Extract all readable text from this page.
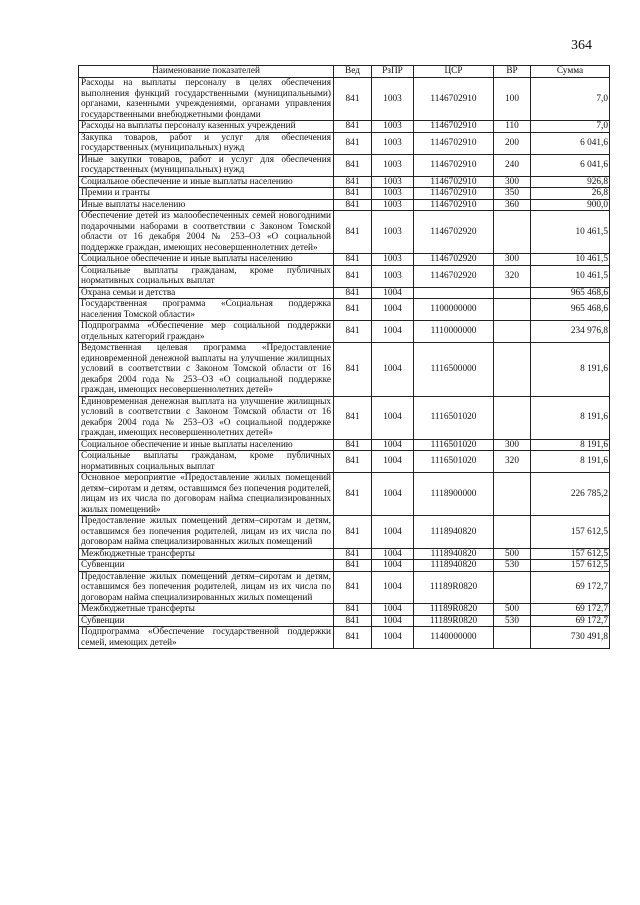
364
Наименование показателей	Вед	РзПР	ЦСР	ВР	Сумма
Расходы на выплаты персоналу в целях обеспечения выполнения функций государственными (муниципальными) органами, казенными учреждениями, органами управления государственными внебюджетными фондами	841	1003	1146702910	100	7,0
Расходы на выплаты персоналу казенных учреждений	841	1003	1146702910	110	7,0
Закупка товаров, работ и услуг для обеспечения государственных (муниципальных) нужд	841	1003	1146702910	200	6 041,6
Иные закупки товаров, работ и услуг для обеспечения государственных (муниципальных) нужд	841	1003	1146702910	240	6 041,6
Социальное обеспечение и иные выплаты населению	841	1003	1146702910	300	926,8
Премии и гранты	841	1003	1146702910	350	26,8
Иные выплаты населению	841	1003	1146702910	360	900,0
Обеспечение детей из малообеспеченных семей новогодними подарочными наборами в соответствии с Законом Томской области от 16 декабря 2004 № 253–ОЗ «О социальной поддержке граждан, имеющих несовершеннолетних детей»	841	1003	1146702920		10 461,5
Социальное обеспечение и иные выплаты населению	841	1003	1146702920	300	10 461,5
Социальные выплаты гражданам, кроме публичных нормативных социальных выплат	841	1003	1146702920	320	10 461,5
Охрана семьи и детства	841	1004			965 468,6
Государственная программа «Социальная поддержка населения Томской области»	841	1004	1100000000		965 468,6
Подпрограмма «Обеспечение мер социальной поддержки отдельных категорий граждан»	841	1004	1110000000		234 976,8
Ведомственная целевая программа «Предоставление единовременной денежной выплаты на улучшение жилищных условий в соответствии с Законом Томской области от 16 декабря 2004 года № 253–ОЗ «О социальной поддержке граждан, имеющих несовершеннолетних детей»	841	1004	1116500000		8 191,6
Единовременная денежная выплата на улучшение жилищных условий в соответствии с Законом Томской области от 16 декабря 2004 года № 253–ОЗ «О социальной поддержке граждан, имеющих несовершеннолетних детей»	841	1004	1116501020		8 191,6
Социальное обеспечение и иные выплаты населению	841	1004	1116501020	300	8 191,6
Социальные выплаты гражданам, кроме публичных нормативных социальных выплат	841	1004	1116501020	320	8 191,6
Основное мероприятие «Предоставление жилых помещений детям–сиротам и детям, оставшимся без попечения родителей, лицам из их числа по договорам найма специализированных жилых помещений»	841	1004	1118900000		226 785,2
Предоставление жилых помещений детям–сиротам и детям, оставшимся без попечения родителей, лицам из их числа по договорам найма специализированных жилых помещений	841	1004	1118940820		157 612,5
Межбюджетные трансферты	841	1004	1118940820	500	157 612,5
Субвенции	841	1004	1118940820	530	157 612,5
Предоставление жилых помещений детям–сиротам и детям, оставшимся без попечения родителей, лицам из их числа по договорам найма специализированных жилых помещений	841	1004	11189R0820		69 172,7
Межбюджетные трансферты	841	1004	11189R0820	500	69 172,7
Субвенции	841	1004	11189R0820	530	69 172,7
Подпрограмма «Обеспечение государственной поддержки семей, имеющих детей»	841	1004	1140000000		730 491,8
